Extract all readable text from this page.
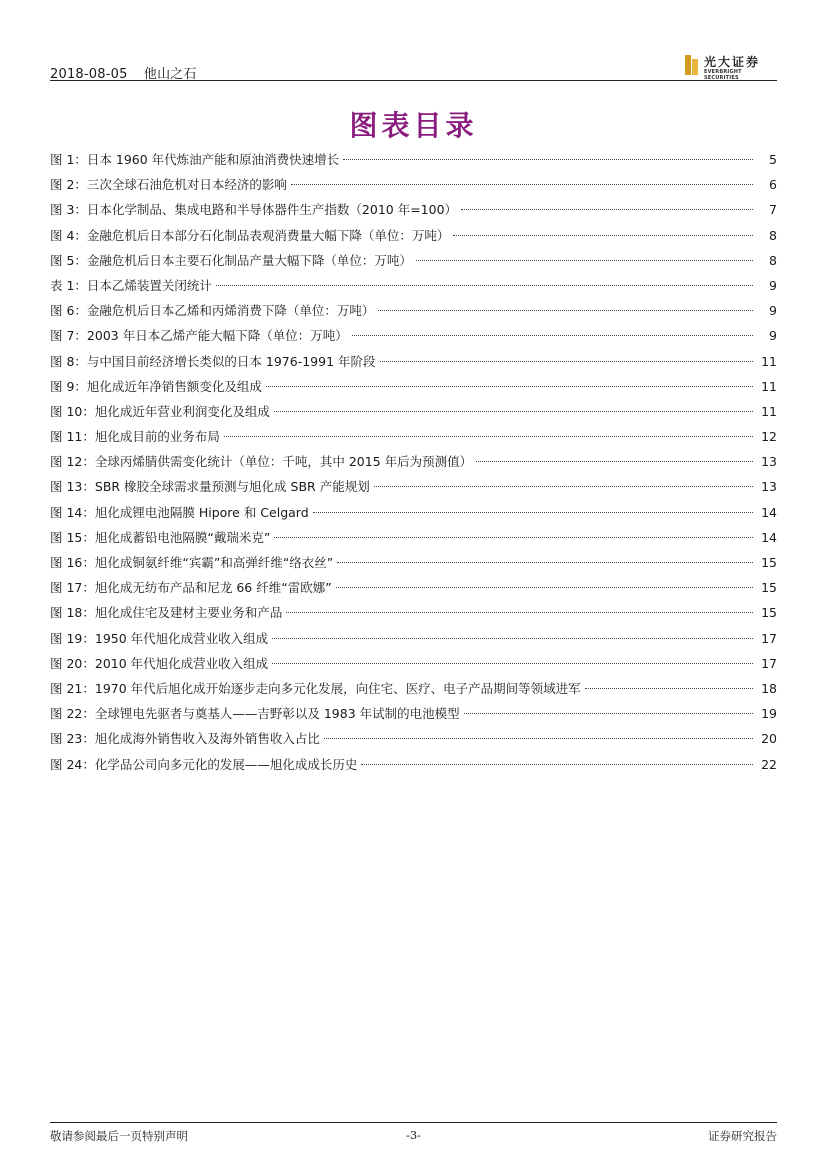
2018-08-05 他山之石
光大证券
EVERBRIGHT SECURITIES
图表目录
图 1：日本 1960 年代炼油产能和原油消费快速增长	5
图 2：三次全球石油危机对日本经济的影响	6
图 3：日本化学制品、集成电路和半导体器件生产指数（2010 年=100）	7
图 4：金融危机后日本部分石化制品表观消费量大幅下降（单位：万吨）	8
图 5：金融危机后日本主要石化制品产量大幅下降（单位：万吨）	8
表 1：日本乙烯装置关闭统计	9
图 6：金融危机后日本乙烯和丙烯消费下降（单位：万吨）	9
图 7：2003 年日本乙烯产能大幅下降（单位：万吨）	9
图 8：与中国目前经济增长类似的日本 1976-1991 年阶段	11
图 9：旭化成近年净销售额变化及组成	11
图 10：旭化成近年营业利润变化及组成	11
图 11：旭化成目前的业务布局	12
图 12：全球丙烯腈供需变化统计（单位：千吨，其中 2015 年后为预测值）	13
图 13：SBR 橡胶全球需求量预测与旭化成 SBR 产能规划	13
图 14：旭化成锂电池隔膜 Hipore 和 Celgard	14
图 15：旭化成蓄铅电池隔膜“戴瑞米克”	14
图 16：旭化成铜氨纤维“宾霸”和高弹纤维“络衣丝”	15
图 17：旭化成无纺布产品和尼龙 66 纤维“雷欧娜”	15
图 18：旭化成住宅及建材主要业务和产品	15
图 19：1950 年代旭化成营业收入组成	17
图 20：2010 年代旭化成营业收入组成	17
图 21：1970 年代后旭化成开始逐步走向多元化发展，向住宅、医疗、电子产品期间等领域进军	18
图 22：全球锂电先驱者与奠基人——吉野彰以及 1983 年试制的电池模型	19
图 23：旭化成海外销售收入及海外销售收入占比	20
图 24：化学品公司向多元化的发展——旭化成成长历史	22
敬请参阅最后一页特别声明	-3-	证券研究报告
